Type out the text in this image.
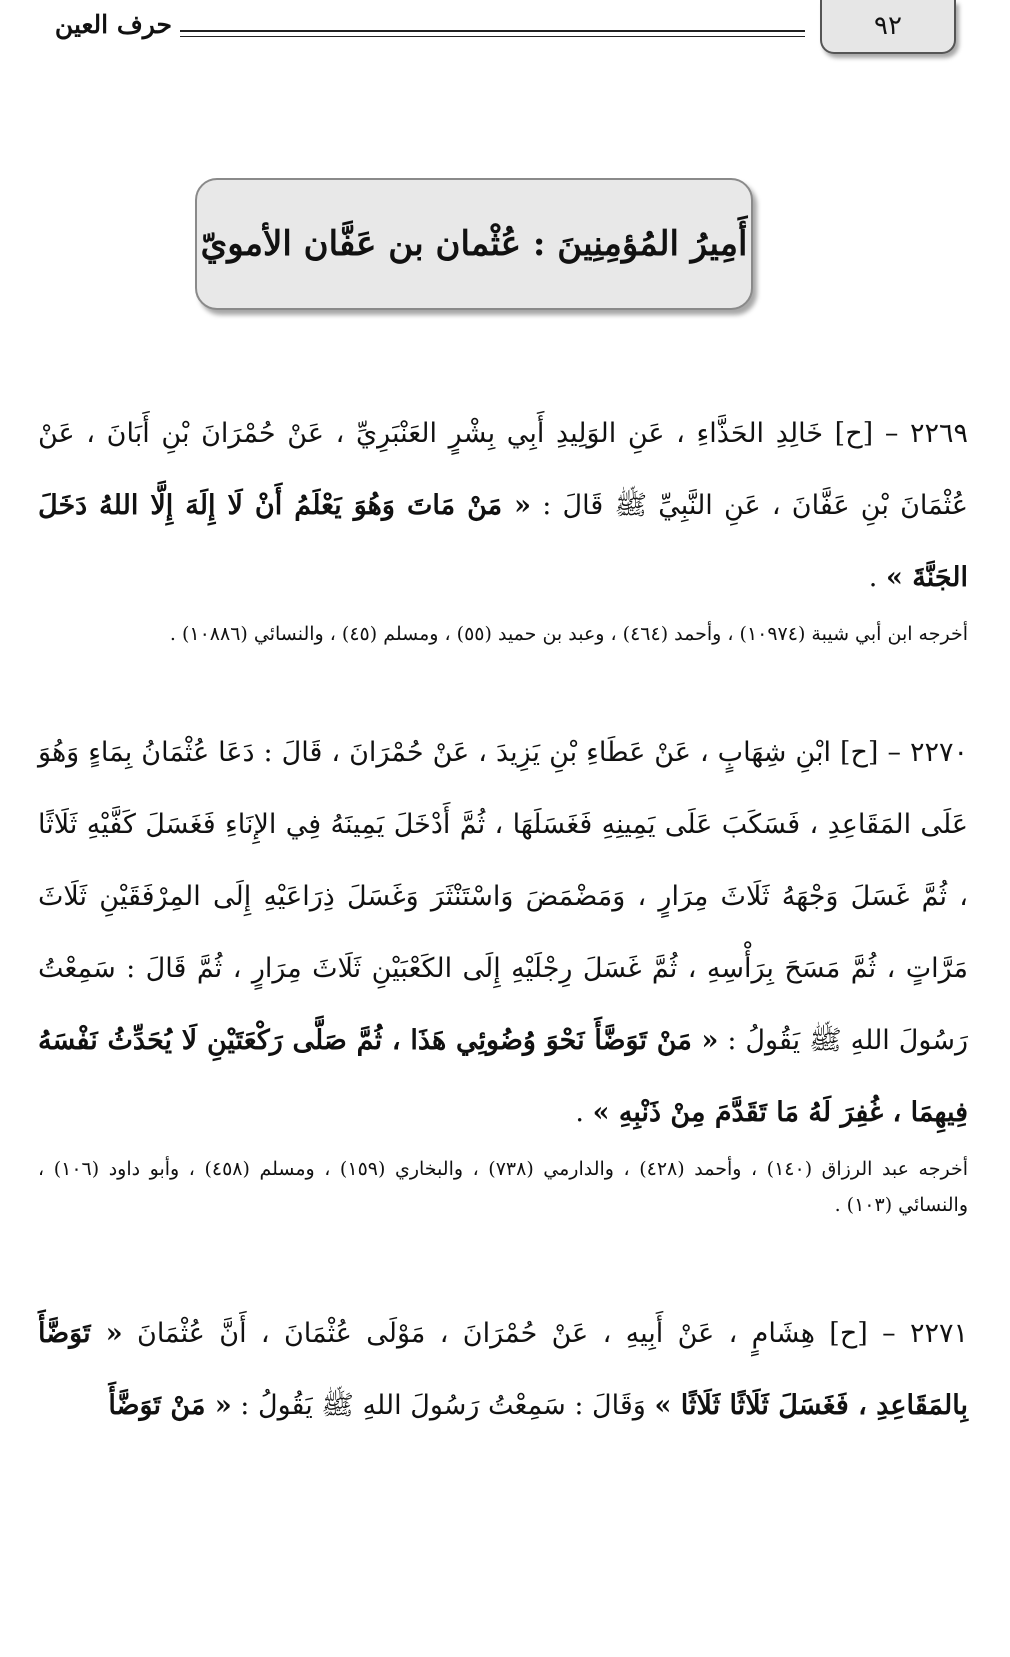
٩٢
حرف العين
أَمِيرُ المُؤمِنِينَ : عُثْمان بن عَفَّان الأمويّ

٢٢٦٩ – [ح] خَالِدِ الحَذَّاءِ ، عَنِ الوَلِيدِ أَبِي بِشْرٍ العَنْبَرِيِّ ، عَنْ حُمْرَانَ بْنِ أَبَانَ ، عَنْ عُثْمَانَ بْنِ عَفَّانَ ، عَنِ النَّبِيِّ ﷺ قَالَ : « مَنْ مَاتَ وَهُوَ يَعْلَمُ أَنْ لَا إِلَهَ إِلَّا اللهُ دَخَلَ الجَنَّةَ » .

أخرجه ابن أبي شيبة (١٠٩٧٤) ، وأحمد (٤٦٤) ، وعبد بن حميد (٥٥) ، ومسلم (٤٥) ، والنسائي (١٠٨٨٦) .

٢٢٧٠ – [ح] ابْنِ شِهَابٍ ، عَنْ عَطَاءِ بْنِ يَزِيدَ ، عَنْ حُمْرَانَ ، قَالَ : دَعَا عُثْمَانُ بِمَاءٍ وَهُوَ عَلَى المَقَاعِدِ ، فَسَكَبَ عَلَى يَمِينِهِ فَغَسَلَهَا ، ثُمَّ أَدْخَلَ يَمِينَهُ فِي الإِنَاءِ فَغَسَلَ كَفَّيْهِ ثَلَاثًا ، ثُمَّ غَسَلَ وَجْهَهُ ثَلَاثَ مِرَارٍ ، وَمَضْمَضَ وَاسْتَنْثَرَ وَغَسَلَ ذِرَاعَيْهِ إِلَى المِرْفَقَيْنِ ثَلَاثَ مَرَّاتٍ ، ثُمَّ مَسَحَ بِرَأْسِهِ ، ثُمَّ غَسَلَ رِجْلَيْهِ إِلَى الكَعْبَيْنِ ثَلَاثَ مِرَارٍ ، ثُمَّ قَالَ : سَمِعْتُ رَسُولَ اللهِ ﷺ يَقُولُ : « مَنْ تَوَضَّأَ نَحْوَ وُضُوئِي هَذَا ، ثُمَّ صَلَّى رَكْعَتَيْنِ لَا يُحَدِّثُ نَفْسَهُ فِيهِمَا ، غُفِرَ لَهُ مَا تَقَدَّمَ مِنْ ذَنْبِهِ » .

أخرجه عبد الرزاق (١٤٠) ، وأحمد (٤٢٨) ، والدارمي (٧٣٨) ، والبخاري (١٥٩) ، ومسلم (٤٥٨) ، وأبو داود (١٠٦) ، والنسائي (١٠٣) .

٢٢٧١ – [ح] هِشَامٍ ، عَنْ أَبِيهِ ، عَنْ حُمْرَانَ ، مَوْلَى عُثْمَانَ ، أَنَّ عُثْمَانَ « تَوَضَّأَ بِالمَقَاعِدِ ، فَغَسَلَ ثَلَاثًا ثَلَاثًا » وَقَالَ : سَمِعْتُ رَسُولَ اللهِ ﷺ يَقُولُ : « مَنْ تَوَضَّأَ
